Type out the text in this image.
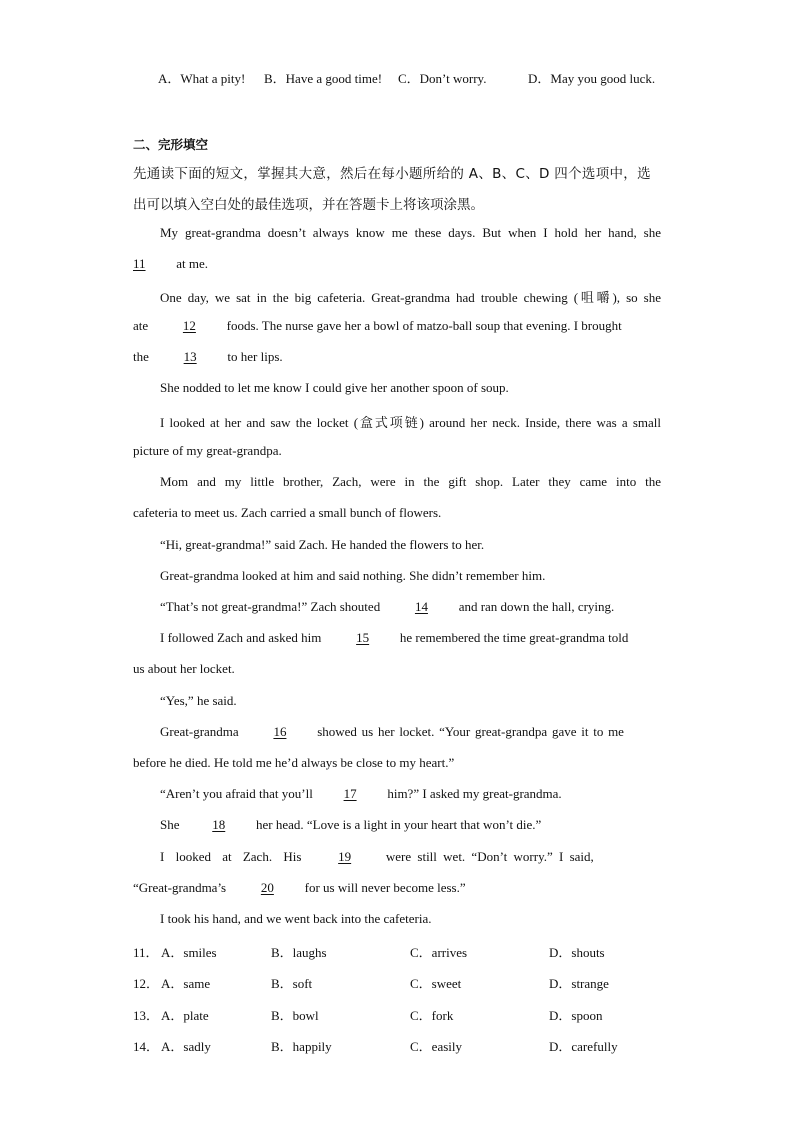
A．What a pity! B．Have a good time! C．Don’t worry.	D．May you good luck.
二、完形填空
先通读下面的短文，掌握其大意，然后在每小题所给的 A、B、C、D 四个选项中，选
出可以填入空白处的最佳选项，并在答题卡上将该项涂黑。
My great-grandma doesn’t always know me these days. But when I hold her hand, she
11 at me.
One day, we sat in the big cafeteria. Great-grandma had trouble chewing (咀嚼), so she
ate	12 foods. The nurse gave her a bowl of matzo-ball soup that evening. I brought
the	13 to her lips.
She nodded to let me know I could give her another spoon of soup.
I looked at her and saw the locket (盒式项链) around her neck. Inside, there was a small
picture of my great-grandpa.
Mom and my little brother, Zach, were in the gift shop. Later they came into the
cafeteria to meet us. Zach carried a small bunch of flowers.
“Hi, great-grandma!” said Zach. He handed the flowers to her.
Great-grandma looked at him and said nothing. She didn’t remember him.
“That’s not great-grandma!” Zach shouted	14 and ran down the hall, crying.
I followed Zach and asked him	15 he remembered the time great-grandma told
us about her locket.
“Yes,” he said.
Great-grandma	16 showed us her locket. “Your great-grandpa gave it to me
before he died. He told me he’d always be close to my heart.”
“Aren’t you afraid that you’ll 17 him?” I asked my great-grandma.
She	18 her head. “Love is a light in your heart that won’t die.”
I looked at Zach. His	19	were still wet. “Don’t worry.” I said,
“Great-grandma’s	20 for us will never become less.”
I took his hand, and we went back into the cafeteria.
11． A．smiles	B．laughs	C．arrives	D．shouts
12． A．same	B．soft	C．sweet	D．strange
13． A．plate	B．bowl	C．fork	D．spoon
14． A．sadly	B．happily	C．easily	D．carefully
